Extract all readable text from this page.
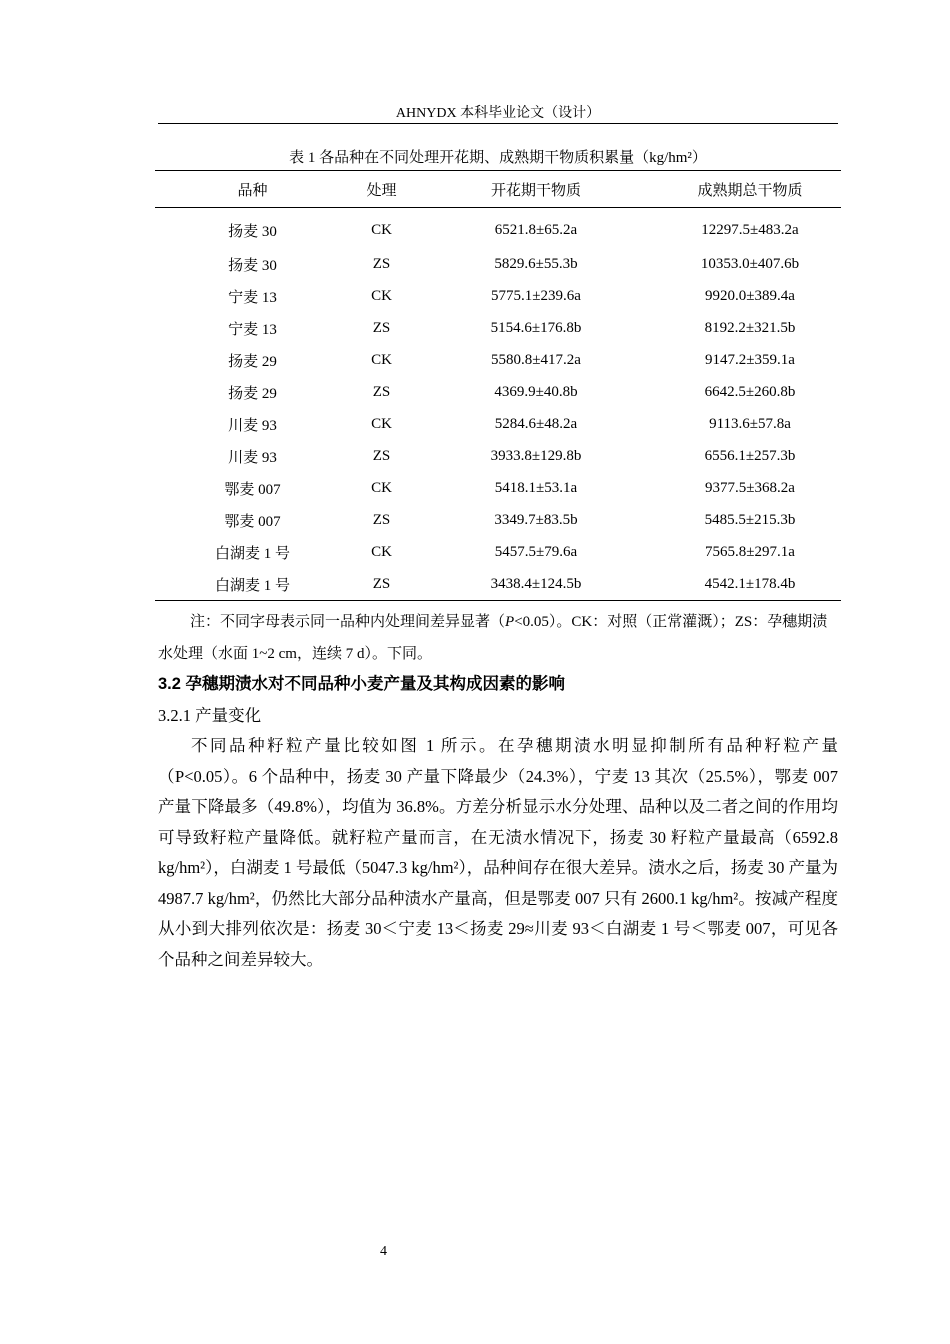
AHNYDX 本科毕业论文（设计）
表 1 各品种在不同处理开花期、成熟期干物质积累量（kg/hm²）
品种	处理	开花期干物质	成熟期总干物质
扬麦 30	CK	6521.8±65.2a	12297.5±483.2a
扬麦 30	ZS	5829.6±55.3b	10353.0±407.6b
宁麦 13	CK	5775.1±239.6a	9920.0±389.4a
宁麦 13	ZS	5154.6±176.8b	8192.2±321.5b
扬麦 29	CK	5580.8±417.2a	9147.2±359.1a
扬麦 29	ZS	4369.9±40.8b	6642.5±260.8b
川麦 93	CK	5284.6±48.2a	9113.6±57.8a
川麦 93	ZS	3933.8±129.8b	6556.1±257.3b
鄂麦 007	CK	5418.1±53.1a	9377.5±368.2a
鄂麦 007	ZS	3349.7±83.5b	5485.5±215.3b
白湖麦 1 号	CK	5457.5±79.6a	7565.8±297.1a
白湖麦 1 号	ZS	3438.4±124.5b	4542.1±178.4b
注：不同字母表示同一品种内处理间差异显著（P<0.05）。CK：对照（正常灌溉）；ZS：孕穗期渍水处理（水面 1~2 cm，连续 7 d）。下同。
3.2 孕穗期渍水对不同品种小麦产量及其构成因素的影响
3.2.1 产量变化
不同品种籽粒产量比较如图 1 所示。在孕穗期渍水明显抑制所有品种籽粒产量（P<0.05）。6 个品种中，扬麦 30 产量下降最少（24.3%），宁麦 13 其次（25.5%），鄂麦 007 产量下降最多（49.8%），均值为 36.8%。方差分析显示水分处理、品种以及二者之间的作用均可导致籽粒产量降低。就籽粒产量而言，在无渍水情况下，扬麦 30 籽粒产量最高（6592.8 kg/hm²），白湖麦 1 号最低（5047.3 kg/hm²），品种间存在很大差异。渍水之后，扬麦 30 产量为 4987.7 kg/hm²，仍然比大部分品种渍水产量高，但是鄂麦 007 只有 2600.1 kg/hm²。按减产程度从小到大排列依次是：扬麦 30＜宁麦 13＜扬麦 29≈川麦 93＜白湖麦 1 号＜鄂麦 007，可见各个品种之间差异较大。
4
